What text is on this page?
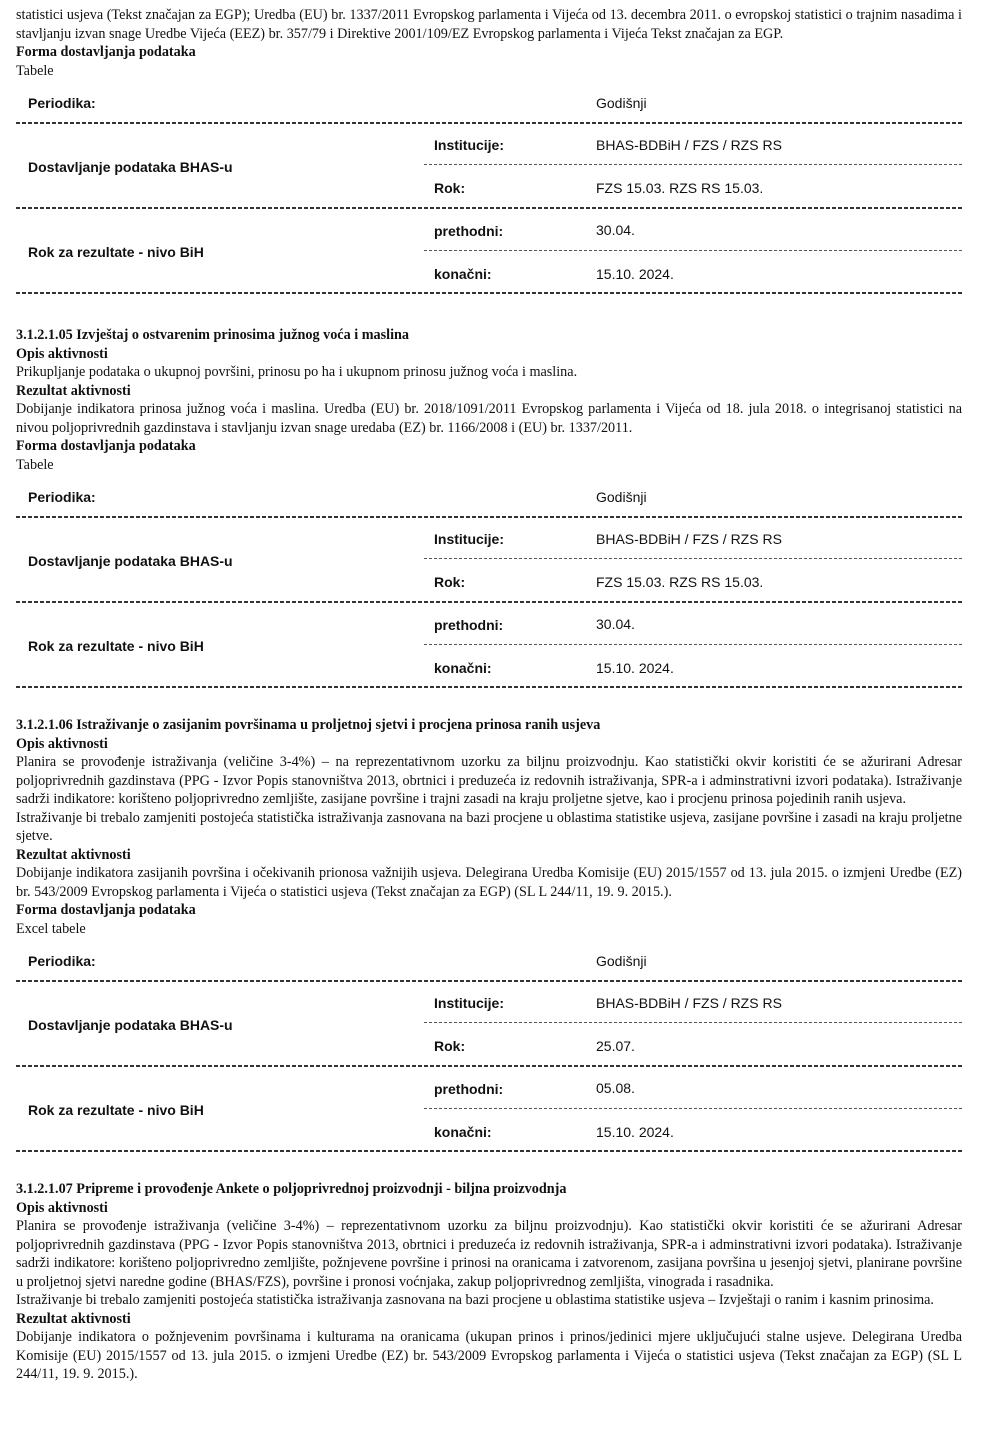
statistici usjeva (Tekst značajan za EGP); Uredba (EU) br. 1337/2011 Evropskog parlamenta i Vijeća od 13. decembra 2011. o evropskoj statistici o trajnim nasadima i stavljanju izvan snage Uredbe Vijeća (EEZ) br. 357/79 i Direktive 2001/109/EZ Evropskog parlamenta i Vijeća Tekst značajan za EGP.

Forma dostavljanja podataka

Tabele

Periodika:	Godišnji
Institucije:	BHAS-BDBiH / FZS / RZS RS
Dostavljanje podataka BHAS-u
Rok:	FZS 15.03. RZS RS 15.03.
prethodni:	30.04.
Rok za rezultate - nivo BiH
konačni:	15.10. 2024.

3.1.2.1.05 Izvještaj o ostvarenim prinosima južnog voća i maslina

Opis aktivnosti

Prikupljanje podataka o ukupnoj površini, prinosu po ha i ukupnom prinosu južnog voća i maslina.

Rezultat aktivnosti

Dobijanje indikatora prinosa južnog voća i maslina. Uredba (EU) br. 2018/1091/2011 Evropskog parlamenta i Vijeća od 18. jula 2018. o integrisanoj statistici na nivou poljoprivrednih gazdinstava i stavljanju izvan snage uredaba (EZ) br. 1166/2008 i (EU) br. 1337/2011.

Forma dostavljanja podataka

Tabele

Periodika:	Godišnji
Institucije:	BHAS-BDBiH / FZS / RZS RS
Dostavljanje podataka BHAS-u
Rok:	FZS 15.03. RZS RS 15.03.
prethodni:	30.04.
Rok za rezultate - nivo BiH
konačni:	15.10. 2024.

3.1.2.1.06 Istraživanje o zasijanim površinama u proljetnoj sjetvi i procjena prinosa ranih usjeva

Opis aktivnosti

Planira se provođenje istraživanja (veličine 3-4%) – na reprezentativnom uzorku za biljnu proizvodnju. Kao statistički okvir koristiti će se ažurirani Adresar poljoprivrednih gazdinstava (PPG - Izvor Popis stanovništva 2013, obrtnici i preduzeća iz redovnih istraživanja, SPR-a i adminstrativni izvori podataka). Istraživanje sadrži indikatore: korišteno poljoprivredno zemljište, zasijane površine i trajni zasadi na kraju proljetne sjetve, kao i procjenu prinosa pojedinih ranih usjeva.

Istraživanje bi trebalo zamjeniti postojeća statistička istraživanja zasnovana na bazi procjene u oblastima statistike usjeva, zasijane površine i zasadi na kraju proljetne sjetve.

Rezultat aktivnosti

Dobijanje indikatora zasijanih površina i očekivanih prionosa važnijih usjeva. Delegirana Uredba Komisije (EU) 2015/1557 od 13. jula 2015. o izmjeni Uredbe (EZ) br. 543/2009 Evropskog parlamenta i Vijeća o statistici usjeva (Tekst značajan za EGP) (SL L 244/11, 19. 9. 2015.).

Forma dostavljanja podataka

Excel tabele

Periodika:	Godišnji
Institucije:	BHAS-BDBiH / FZS / RZS RS
Dostavljanje podataka BHAS-u
Rok:	25.07.
prethodni:	05.08.
Rok za rezultate - nivo BiH
konačni:	15.10. 2024.

3.1.2.1.07 Pripreme i provođenje Ankete o poljoprivrednoj proizvodnji - biljna proizvodnja

Opis aktivnosti

Planira se provođenje istraživanja (veličine 3-4%) – reprezentativnom uzorku za biljnu proizvodnju). Kao statistički okvir koristiti će se ažurirani Adresar poljoprivrednih gazdinstava (PPG - Izvor Popis stanovništva 2013, obrtnici i preduzeća iz redovnih istraživanja, SPR-a i adminstrativni izvori podataka). Istraživanje sadrži indikatore: korišteno poljoprivredno zemljište, požnjevene površine i prinosi na oranicama i zatvorenom, zasijana površina u jesenjoj sjetvi, planirane površine u proljetnoj sjetvi naredne godine (BHAS/FZS), površine i pronosi voćnjaka, zakup poljoprivrednog zemljišta, vinograda i rasadnika.

Istraživanje bi trebalo zamjeniti postojeća statistička istraživanja zasnovana na bazi procjene u oblastima statistike usjeva – Izvještaji o ranim i kasnim prinosima.

Rezultat aktivnosti

Dobijanje indikatora o požnjevenim površinama i kulturama na oranicama (ukupan prinos i prinos/jedinici mjere uključujući stalne usjeve. Delegirana Uredba Komisije (EU) 2015/1557 od 13. jula 2015. o izmjeni Uredbe (EZ) br. 543/2009 Evropskog parlamenta i Vijeća o statistici usjeva (Tekst značajan za EGP) (SL L 244/11, 19. 9. 2015.).
